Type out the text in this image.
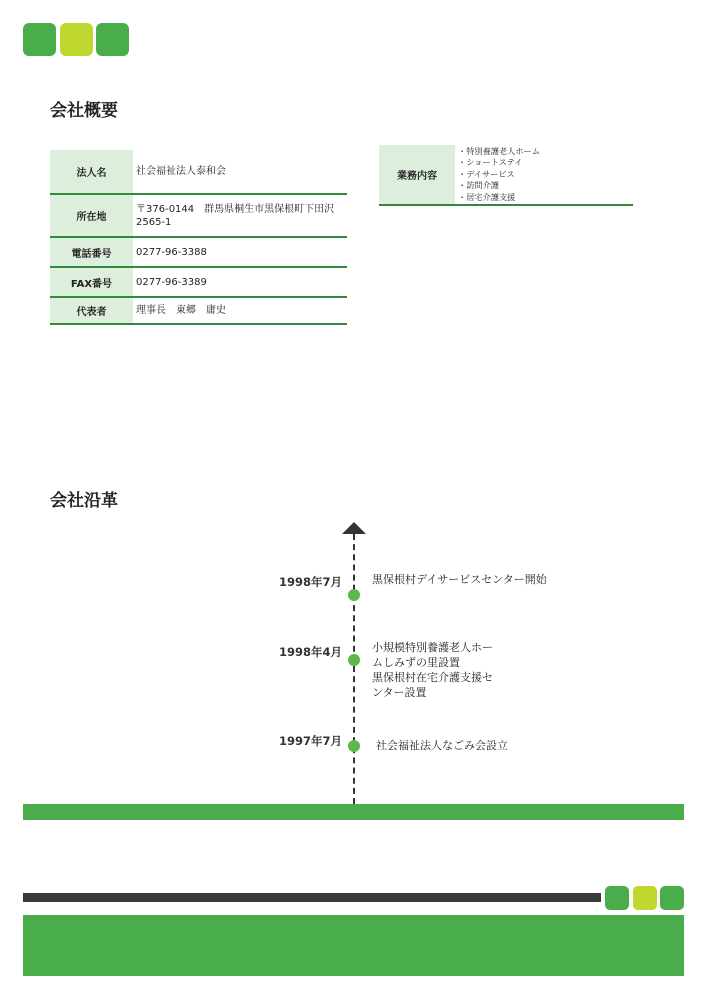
会社概要
法人名	社会福祉法人泰和会
所在地	〒376-0144　群馬県桐生市黒保根町下田沢
2565-1

電話番号	0277-96-3388
FAX番号	0277-96-3389
代表者	理事長　東郷　庸史
業務内容	
・特別養護老人ホーム
・ショートステイ
・デイサービス
・訪問介護
・居宅介護支援
会社沿革
1998年7月	黒保根村デイサービスセンター開始
1998年4月	小規模特別養護老人ホー
ムしみずの里設置
黒保根村在宅介護支援セ
ンター設置
1997年7月	社会福祉法人なごみ会設立
